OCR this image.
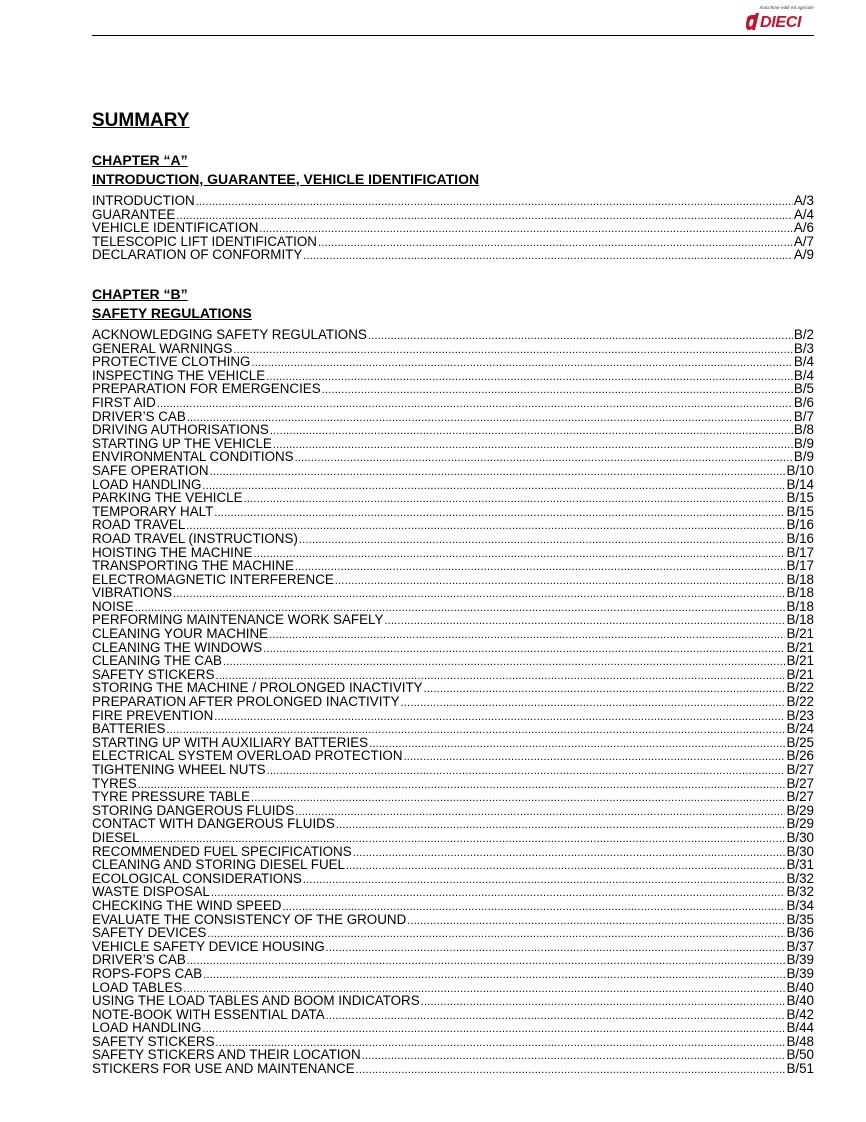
macchine edili ed agricole
DIECI
SUMMARY

CHAPTER “A”

INTRODUCTION, GUARANTEE, VEHICLE IDENTIFICATION

INTRODUCTION .....	A/3
GUARANTEE .....	A/4
VEHICLE IDENTIFICATION .....	A/6
TELESCOPIC LIFT IDENTIFICATION .....	A/7
DECLARATION OF CONFORMITY .....	A/9

CHAPTER “B”

SAFETY REGULATIONS

ACKNOWLEDGING SAFETY REGULATIONS .....	B/2
GENERAL WARNINGS .....	B/3
PROTECTIVE CLOTHING .....	B/4
INSPECTING THE VEHICLE .....	B/4
PREPARATION FOR EMERGENCIES .....	B/5
FIRST AID .....	B/6
DRIVER’S CAB .....	B/7
DRIVING AUTHORISATIONS .....	B/8
STARTING UP THE VEHICLE .....	B/9
ENVIRONMENTAL CONDITIONS .....	B/9
SAFE OPERATION .....	B/10
LOAD HANDLING .....	B/14
PARKING THE VEHICLE .....	B/15
TEMPORARY HALT .....	B/15
ROAD TRAVEL .....	B/16
ROAD TRAVEL (INSTRUCTIONS) .....	B/16
HOISTING THE MACHINE .....	B/17
TRANSPORTING THE MACHINE .....	B/17
ELECTROMAGNETIC INTERFERENCE .....	B/18
VIBRATIONS .....	B/18
NOISE .....	B/18
PERFORMING MAINTENANCE WORK SAFELY .....	B/18
CLEANING YOUR MACHINE .....	B/21
CLEANING THE WINDOWS .....	B/21
CLEANING THE CAB .....	B/21
SAFETY STICKERS .....	B/21
STORING THE MACHINE / PROLONGED INACTIVITY .....	B/22
PREPARATION AFTER PROLONGED INACTIVITY .....	B/22
FIRE PREVENTION .....	B/23
BATTERIES .....	B/24
STARTING UP WITH AUXILIARY BATTERIES .....	B/25
ELECTRICAL SYSTEM OVERLOAD PROTECTION .....	B/26
TIGHTENING WHEEL NUTS .....	B/27
TYRES .....	B/27
TYRE PRESSURE TABLE .....	B/27
STORING DANGEROUS FLUIDS .....	B/29
CONTACT WITH DANGEROUS FLUIDS .....	B/29
DIESEL .....	B/30
RECOMMENDED FUEL SPECIFICATIONS .....	B/30
CLEANING AND STORING DIESEL FUEL .....	B/31
ECOLOGICAL CONSIDERATIONS .....	B/32
WASTE DISPOSAL .....	B/32
CHECKING THE WIND SPEED .....	B/34
EVALUATE THE CONSISTENCY OF THE GROUND .....	B/35
SAFETY DEVICES .....	B/36
VEHICLE SAFETY DEVICE HOUSING .....	B/37
DRIVER’S CAB .....	B/39
ROPS-FOPS CAB .....	B/39
LOAD TABLES .....	B/40
USING THE LOAD TABLES AND BOOM INDICATORS .....	B/40
NOTE-BOOK WITH ESSENTIAL DATA .....	B/42
LOAD HANDLING .....	B/44
SAFETY STICKERS .....	B/48
SAFETY STICKERS AND THEIR LOCATION .....	B/50
STICKERS FOR USE AND MAINTENANCE .....	B/51
